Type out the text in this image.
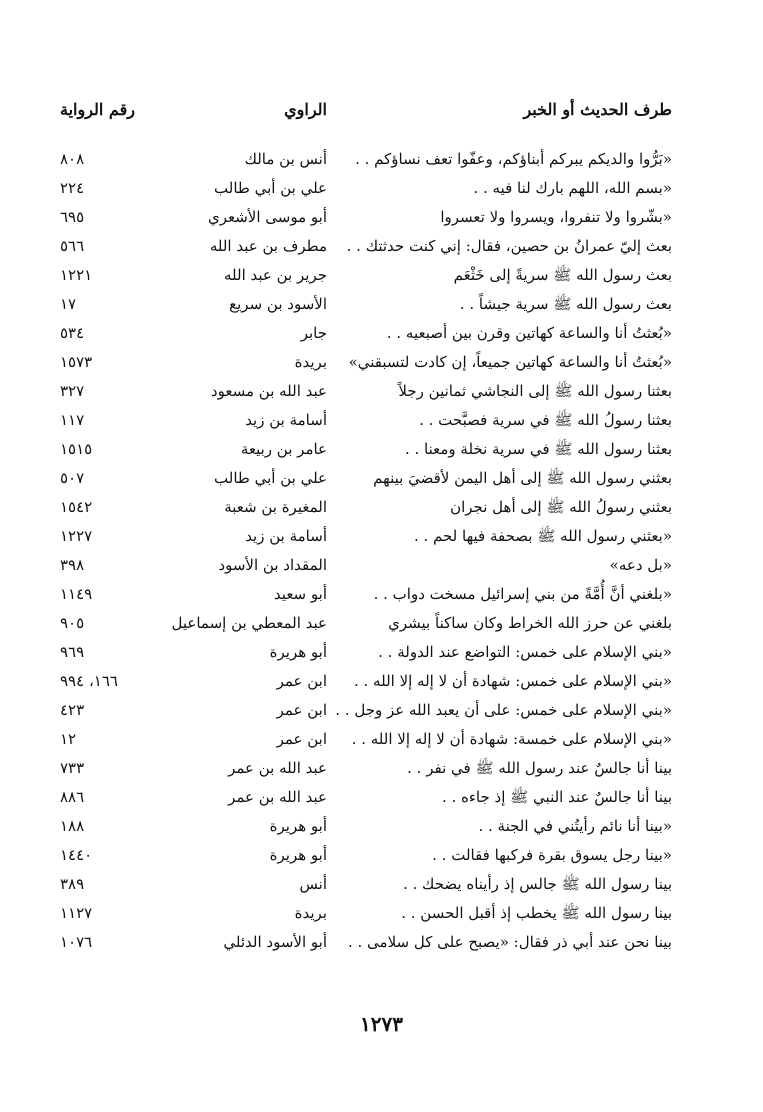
طرف الحديث أو الخبر
الراوي
رقم الرواية
«بَرُّوا والديكم يبركم أبناؤكم، وعفّوا تعف نساؤكم . .
أنس بن مالك
٨٠٨
«بسم الله، اللهم بارك لنا فيه . .
علي بن أبي طالب
٢٢٤
«بشّروا ولا تنفروا، ويسروا ولا تعسروا
أبو موسى الأشعري
٦٩٥
بعث إليّ عمرانُ بن حصين، فقال: إني كنت حدثتك . .
مطرف بن عبد الله
٥٦٦
بعث رسول الله ﷺ سريةً إلى خَثْعَم
جرير بن عبد الله
١٢٢١
بعث رسول الله ﷺ سرية جيشاً . .
الأسود بن سريع
١٧
«بُعثتُ أنا والساعة كهاتين وقرن بين أصبعيه . .
جابر
٥٣٤
«بُعثتُ أنا والساعة كهاتين جميعاً، إن كادت لتسبقني»
بريدة
١٥٧٣
بعثنا رسول الله ﷺ إلى النجاشي ثمانين رجلاً
عبد الله بن مسعود
٣٢٧
بعثنا رسولُ الله ﷺ في سرية فصبَّحت . .
أسامة بن زيد
١١٧
بعثنا رسول الله ﷺ في سرية نخلة ومعنا . .
عامر بن ربيعة
١٥١٥
بعثني رسول الله ﷺ إلى أهل اليمن لأقضيَ بينهم
علي بن أبي طالب
٥٠٧
بعثني رسولُ الله ﷺ إلى أهل نجران
المغيرة بن شعبة
١٥٤٢
«بعثني رسول الله ﷺ بصحفة فيها لحم . .
أسامة بن زيد
١٢٢٧
«بل دعه»
المقداد بن الأسود
٣٩٨
«بلغني أنَّ أُمَّةً من بني إسرائيل مسخت دواب . .
أبو سعيد
١١٤٩
بلغني عن حرز الله الخراط وكان ساكناً بيشري
عبد المعطي بن إسماعيل
٩٠٥
«بني الإسلام على خمس: التواضع عند الدولة . .
أبو هريرة
٩٦٩
«بني الإسلام على خمس: شهادة أن لا إله إلا الله . .
ابن عمر
١٦٦، ٩٩٤
«بني الإسلام على خمس: على أن يعبد الله عز وجل . .
ابن عمر
٤٢٣
«بني الإسلام على خمسة: شهادة أن لا إله إلا الله . .
ابن عمر
١٢
بينا أنا جالسٌ عند رسول الله ﷺ في نفر . .
عبد الله بن عمر
٧٣٣
بينا أنا جالسٌ عند النبي ﷺ إذ جاءه . .
عبد الله بن عمر
٨٨٦
«بينا أنا نائم رأيتُني في الجنة . .
أبو هريرة
١٨٨
«بينا رجل يسوق بقرة فركبها فقالت . .
أبو هريرة
١٤٤٠
بينا رسول الله ﷺ جالس إذ رأيناه يضحك . .
أنس
٣٨٩
بينا رسول الله ﷺ يخطب إذ أقبل الحسن . .
بريدة
١١٢٧
بينا نحن عند أبي ذر فقال: «يصبح على كل سلامى . .
أبو الأسود الدئلي
١٠٧٦
١٢٧٣
